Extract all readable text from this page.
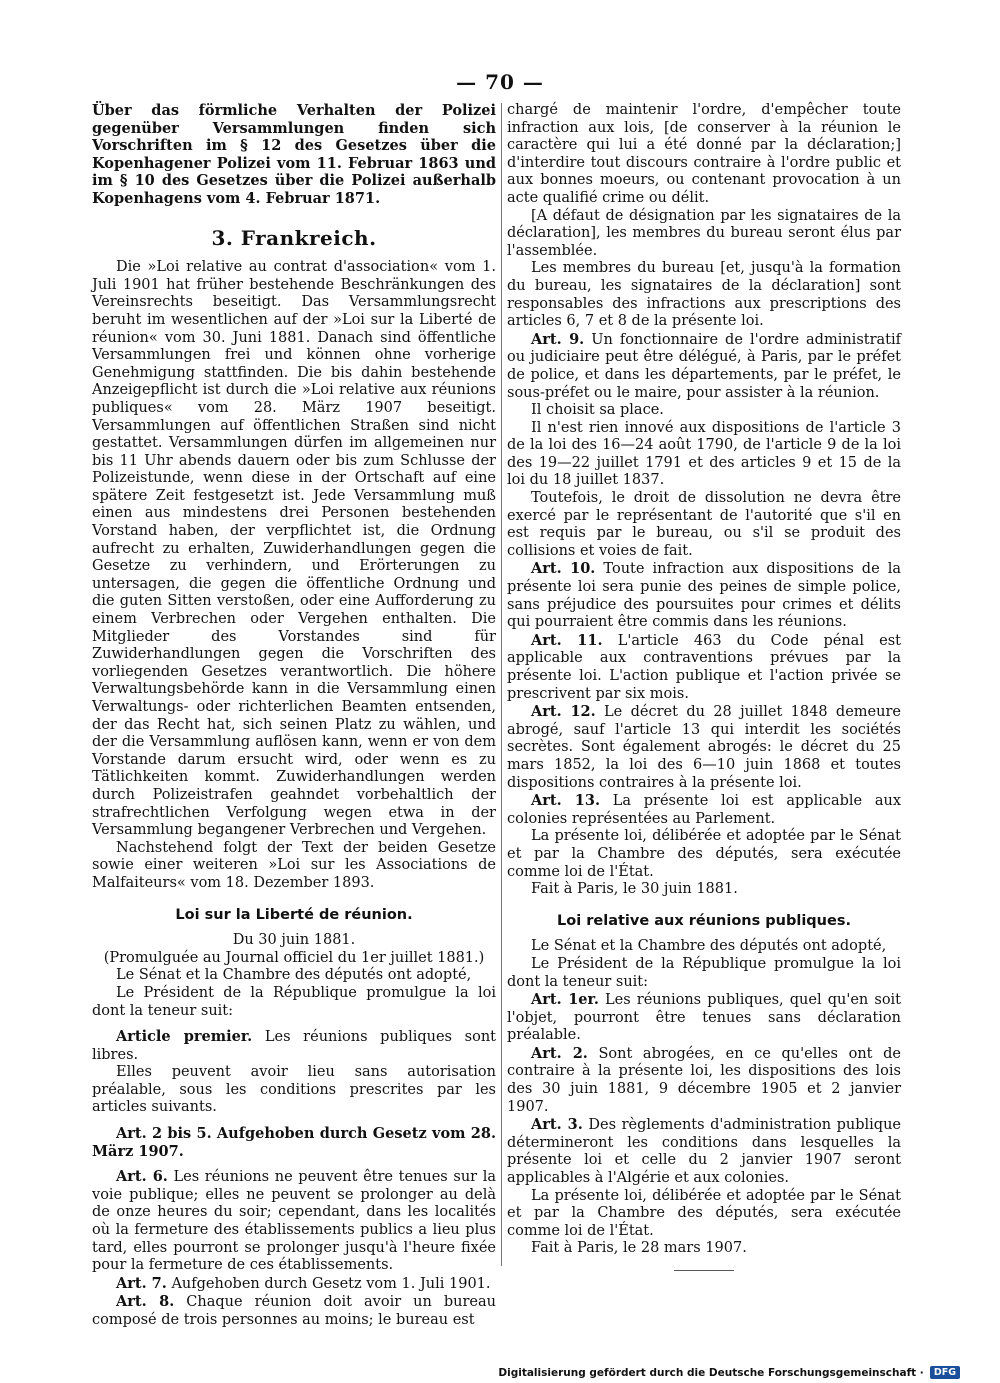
— 70 —

Über das förmliche Verhalten der Polizei gegenüber Versammlungen finden sich Vorschriften im § 12 des Gesetzes über die Kopenhagener Polizei vom 11. Februar 1863 und im § 10 des Gesetzes über die Polizei außerhalb Kopenhagens vom 4. Februar 1871.

3. Frankreich.

Die »Loi relative au contrat d'association« vom 1. Juli 1901 hat früher bestehende Beschränkungen des Vereinsrechts beseitigt. Das Versammlungsrecht beruht im wesentlichen auf der »Loi sur la Liberté de réunion« vom 30. Juni 1881. Danach sind öffentliche Versammlungen frei und können ohne vorherige Genehmigung stattfinden. Die bis dahin bestehende Anzeigepflicht ist durch die »Loi relative aux réunions publiques« vom 28. März 1907 beseitigt. Versammlungen auf öffentlichen Straßen sind nicht gestattet. Versammlungen dürfen im allgemeinen nur bis 11 Uhr abends dauern oder bis zum Schlusse der Polizeistunde, wenn diese in der Ortschaft auf eine spätere Zeit festgesetzt ist. Jede Versammlung muß einen aus mindestens drei Personen bestehenden Vorstand haben, der verpflichtet ist, die Ordnung aufrecht zu erhalten, Zuwiderhandlungen gegen die Gesetze zu verhindern, und Erörterungen zu untersagen, die gegen die öffentliche Ordnung und die guten Sitten verstoßen, oder eine Aufforderung zu einem Verbrechen oder Vergehen enthalten. Die Mitglieder des Vorstandes sind für Zuwiderhandlungen gegen die Vorschriften des vorliegenden Gesetzes verantwortlich. Die höhere Verwaltungsbehörde kann in die Versammlung einen Verwaltungs- oder richterlichen Beamten entsenden, der das Recht hat, sich seinen Platz zu wählen, und der die Versammlung auflösen kann, wenn er von dem Vorstande darum ersucht wird, oder wenn es zu Tätlichkeiten kommt. Zuwiderhandlungen werden durch Polizeistrafen geahndet vorbehaltlich der strafrechtlichen Verfolgung wegen etwa in der Versammlung begangener Verbrechen und Vergehen.

Nachstehend folgt der Text der beiden Gesetze sowie einer weiteren »Loi sur les Associations de Malfaiteurs« vom 18. Dezember 1893.

Loi sur la Liberté de réunion.

Du 30 juin 1881.

(Promulguée au Journal officiel du 1er juillet 1881.)

Le Sénat et la Chambre des députés ont adopté,

Le Président de la République promulgue la loi dont la teneur suit:

Article premier. Les réunions publiques sont libres.

Elles peuvent avoir lieu sans autorisation préalable, sous les conditions prescrites par les articles suivants.

Art. 2 bis 5. Aufgehoben durch Gesetz vom 28. März 1907.

Art. 6. Les réunions ne peuvent être tenues sur la voie publique; elles ne peuvent se prolonger au delà de onze heures du soir; cependant, dans les localités où la fermeture des établissements publics a lieu plus tard, elles pourront se prolonger jusqu'à l'heure fixée pour la fermeture de ces établissements.

Art. 7. Aufgehoben durch Gesetz vom 1. Juli 1901.

Art. 8. Chaque réunion doit avoir un bureau composé de trois personnes au moins; le bureau est

chargé de maintenir l'ordre, d'empêcher toute infraction aux lois, [de conserver à la réunion le caractère qui lui a été donné par la déclaration;] d'interdire tout discours contraire à l'ordre public et aux bonnes moeurs, ou contenant provocation à un acte qualifié crime ou délit.

[A défaut de désignation par les signataires de la déclaration], les membres du bureau seront élus par l'assemblée.

Les membres du bureau [et, jusqu'à la formation du bureau, les signataires de la déclaration] sont responsables des infractions aux prescriptions des articles 6, 7 et 8 de la présente loi.

Art. 9. Un fonctionnaire de l'ordre administratif ou judiciaire peut être délégué, à Paris, par le préfet de police, et dans les départements, par le préfet, le sous-préfet ou le maire, pour assister à la réunion.

Il choisit sa place.

Il n'est rien innové aux dispositions de l'article 3 de la loi des 16—24 août 1790, de l'article 9 de la loi des 19—22 juillet 1791 et des articles 9 et 15 de la loi du 18 juillet 1837.

Toutefois, le droit de dissolution ne devra être exercé par le représentant de l'autorité que s'il en est requis par le bureau, ou s'il se produit des collisions et voies de fait.

Art. 10. Toute infraction aux dispositions de la présente loi sera punie des peines de simple police, sans préjudice des poursuites pour crimes et délits qui pourraient être commis dans les réunions.

Art. 11. L'article 463 du Code pénal est applicable aux contraventions prévues par la présente loi. L'action publique et l'action privée se prescrivent par six mois.

Art. 12. Le décret du 28 juillet 1848 demeure abrogé, sauf l'article 13 qui interdit les sociétés secrètes. Sont également abrogés: le décret du 25 mars 1852, la loi des 6—10 juin 1868 et toutes dispositions contraires à la présente loi.

Art. 13. La présente loi est applicable aux colonies représentées au Parlement.

La présente loi, délibérée et adoptée par le Sénat et par la Chambre des députés, sera exécutée comme loi de l'État.

Fait à Paris, le 30 juin 1881.

Loi relative aux réunions publiques.

Le Sénat et la Chambre des députés ont adopté,

Le Président de la République promulgue la loi dont la teneur suit:

Art. 1er. Les réunions publiques, quel qu'en soit l'objet, pourront être tenues sans déclaration préalable.

Art. 2. Sont abrogées, en ce qu'elles ont de contraire à la présente loi, les dispositions des lois des 30 juin 1881, 9 décembre 1905 et 2 janvier 1907.

Art. 3. Des règlements d'administration publique détermineront les conditions dans lesquelles la présente loi et celle du 2 janvier 1907 seront applicables à l'Algérie et aux colonies.

La présente loi, délibérée et adoptée par le Sénat et par la Chambre des députés, sera exécutée comme loi de l'État.

Fait à Paris, le 28 mars 1907.

Digitalisierung gefördert durch die Deutsche Forschungsgemeinschaft ·	DFG
